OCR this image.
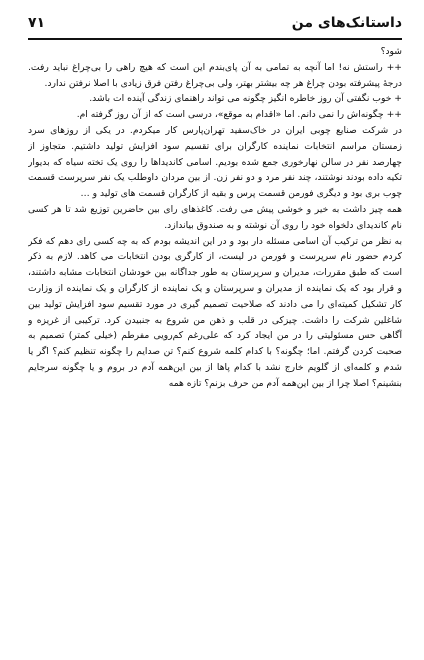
داستانک‌های من
۷۱

شود؟

++ راستش نه! اما آنچه به تمامی به آن پای‌بندم این است که هیچ راهی را بی‌چراغ نباید رفت. درجهٔ پیشرفته بودن چراغ هر چه بیشتر بهتر، ولی بی‌چراغ رفتن فرق زیادی با اصلا نرفتن ندارد.

+ خوب نگفتی آن روز خاطره انگیز چگونه می تواند راهنمای زندگی آینده ات باشد.

++ چگونه‌اش را نمی دانم. اما «اقدام به موقع»، درسی است که از آن روز گرفته ام.

در شرکت صنایع چوبی ایران در خاک‌سفید تهران‌پارس کار میکردم. در یکی از روزهای سرد زمستان مراسم انتخابات نماینده کارگران برای تقسیم سود افزایش تولید داشتیم. متجاوز از چهارصد نفر در سالن نهارخوری جمع شده بودیم. اسامی کاندیداها را روی یک تخته سیاه که بدیوار تکیه داده بودند نوشتند، چند نفر مرد و دو نفر زن. از بین مردان داوطلب یک نفر سرپرست قسمت چوب بری بود و دیگری فورمن قسمت پرس و بقیه از کارگران قسمت های تولید و …

همه چیز داشت به خیر و خوشی پیش می رفت. کاغذهای رای بین حاضرین توزیع شد تا هر کسی نام کاندیدای دلخواه خود را روی آن نوشته و به صندوق بیاندازد.

به نظر من ترکیب آن اسامی مسئله دار بود و در این اندیشه بودم که به چه کسی رای دهم که فکر کردم حضور نام سرپرست و فورمن در لیست، از کارگری بودن انتخابات می کاهد. لازم به ذکر است که طبق مقررات، مدیران و سرپرستان به طور جداگانه بین خودشان انتخابات مشابه داشتند، و قرار بود که یک نماینده از مدیران و سرپرستان و یک نماینده از کارگران و یک نماینده از وزارت کار تشکیل کمیته‌ای را می دادند که صلاحیت تصمیم گیری در مورد تقسیم سود افزایش تولید بین شاغلین شرکت را داشت. چیزکی در قلب و ذهن من شروع به جنبیدن کرد. ترکیبی از غریزه و آگاهی حس مسئولیتی را در من ایجاد کرد که علی‌رغم کم‌رویی مفرطم (خیلی کمتر) تصمیم به صحبت کردن گرفتم. اما؛ چگونه؟ با کدام کلمه شروع کنم؟ تن صدایم را چگونه تنظیم کنم؟ اگر یا شدم و کلمه‌ای از گلویم خارج نشد با کدام پاها از بین این‌همه آدم در بروم و یا چگونه سرجایم بنشینم؟ اصلا چرا از بین این‌همه آدم من حرف بزنم؟ تازه همه
